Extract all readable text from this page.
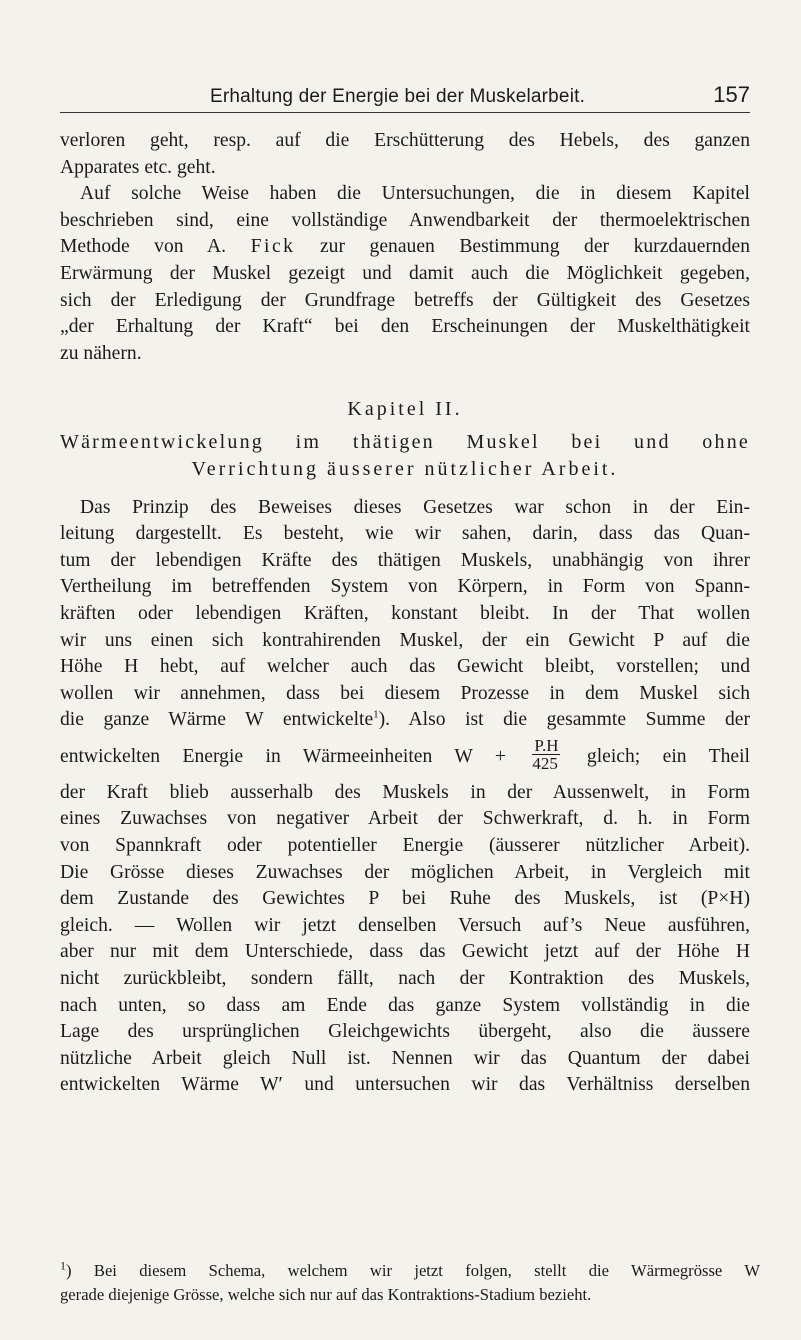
Erhaltung der Energie bei der Muskelarbeit.	157
verloren geht, resp. auf die Erschütterung des Hebels, des ganzen
Apparates etc. geht.
Auf solche Weise haben die Untersuchungen, die in diesem Kapitel
beschrieben sind, eine vollständige Anwendbarkeit der thermoelektrischen
Methode von A. Fick zur genauen Bestimmung der kurzdauernden
Erwärmung der Muskel gezeigt und damit auch die Möglichkeit gegeben,
sich der Erledigung der Grundfrage betreffs der Gültigkeit des Gesetzes
„der Erhaltung der Kraft“ bei den Erscheinungen der Muskelthätigkeit
zu nähern.
Kapitel II.
Wärmeentwickelung im thätigen Muskel bei und ohne
Verrichtung äusserer nützlicher Arbeit.
Das Prinzip des Beweises dieses Gesetzes war schon in der Ein-
leitung dargestellt. Es besteht, wie wir sahen, darin, dass das Quan-
tum der lebendigen Kräfte des thätigen Muskels, unabhängig von ihrer
Vertheilung im betreffenden System von Körpern, in Form von Spann-
kräften oder lebendigen Kräften, konstant bleibt. In der That wollen
wir uns einen sich kontrahirenden Muskel, der ein Gewicht P auf die
Höhe H hebt, auf welcher auch das Gewicht bleibt, vorstellen; und
wollen wir annehmen, dass bei diesem Prozesse in dem Muskel sich
die ganze Wärme W entwickelte$^1$). Also ist die gesammte Summe der
entwickelten Energie in Wärmeeinheiten $W + \frac{P.H}{425}$ gleich; ein Theil
der Kraft blieb ausserhalb des Muskels in der Aussenwelt, in Form
eines Zuwachses von negativer Arbeit der Schwerkraft, d. h. in Form
von Spannkraft oder potentieller Energie (äusserer nützlicher Arbeit).
Die Grösse dieses Zuwachses der möglichen Arbeit, in Vergleich mit
dem Zustande des Gewichtes P bei Ruhe des Muskels, ist (P×H)
gleich. — Wollen wir jetzt denselben Versuch auf’s Neue ausführen,
aber nur mit dem Unterschiede, dass das Gewicht jetzt auf der Höhe H
nicht zurückbleibt, sondern fällt, nach der Kontraktion des Muskels,
nach unten, so dass am Ende das ganze System vollständig in die
Lage des ursprünglichen Gleichgewichts übergeht, also die äussere
nützliche Arbeit gleich Null ist. Nennen wir das Quantum der dabei
entwickelten Wärme W′ und untersuchen wir das Verhältniss derselben
$^1$) Bei diesem Schema, welchem wir jetzt folgen, stellt die Wärmegrösse W
gerade diejenige Grösse, welche sich nur auf das Kontraktions-Stadium bezieht.
